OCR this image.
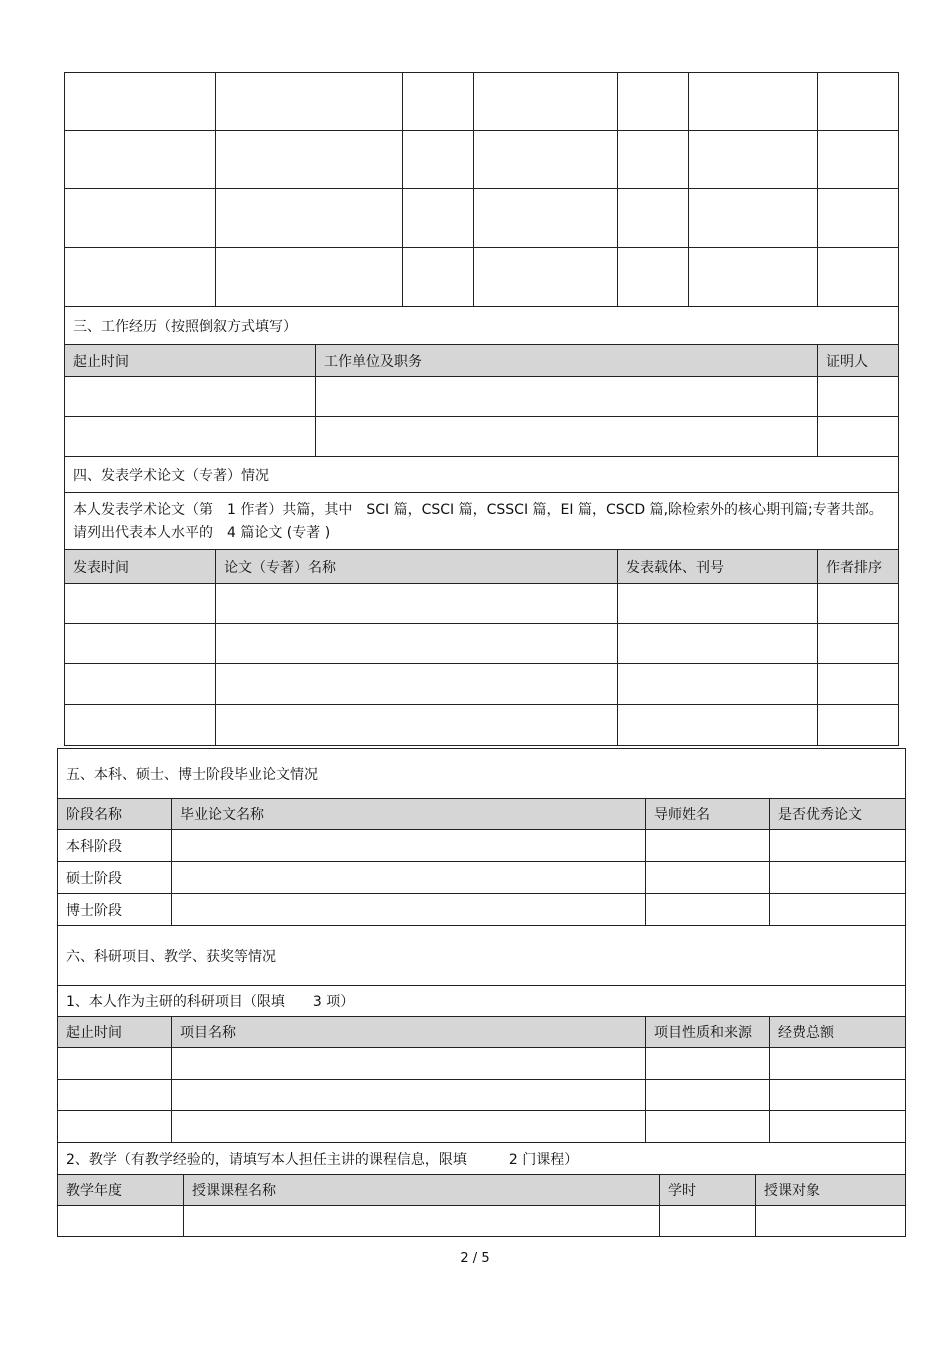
三、工作经历（按照倒叙方式填写）							
起止时间		工作单位及职务					证明人

四、发表学术论文（专著）情况							
本人发表学术论文（第　1 作者）共篇，其中　SCI 篇，CSCI 篇，CSSCI 篇，EI 篇，CSCD 篇,除检索外的核心期刊篇;专著共部。请列出代表本人水平的　4 篇论文 (专著 )							
发表时间	论文（专著）名称				发表载体、刊号		作者排序

五、本科、硕士、博士阶段毕业论文情况						
阶段名称	毕业论文名称		导师姓名			是否优秀论文
本科阶段						
硕士阶段						
博士阶段						
六、科研项目、教学、获奖等情况						
1、本人作为主研的科研项目（限填　　3 项）						
起止时间	项目名称		项目性质和来源			经费总额

2、教学（有教学经验的，请填写本人担任主讲的课程信息，限填　　　2 门课程）						
教学年度		授课课程名称		学时	授课对象	

2 / 5
